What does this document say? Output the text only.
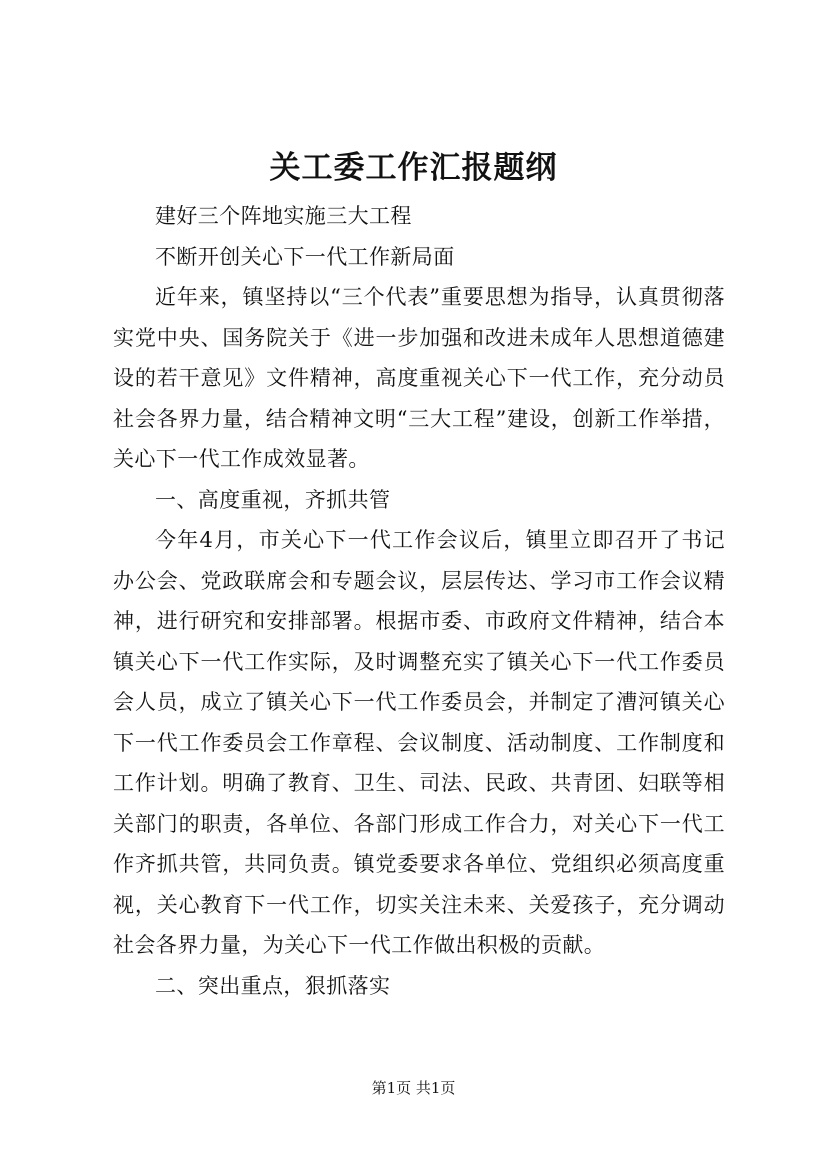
关工委工作汇报题纲

建好三个阵地实施三大工程

不断开创关心下一代工作新局面

近年来，镇坚持以“三个代表”重要思想为指导，认真贯彻落实党中央、国务院关于《进一步加强和改进未成年人思想道德建设的若干意见》文件精神，高度重视关心下一代工作，充分动员社会各界力量，结合精神文明“三大工程”建设，创新工作举措，关心下一代工作成效显著。

一、高度重视，齐抓共管

今年4月，市关心下一代工作会议后，镇里立即召开了书记办公会、党政联席会和专题会议，层层传达、学习市工作会议精神，进行研究和安排部署。根据市委、市政府文件精神，结合本镇关心下一代工作实际，及时调整充实了镇关心下一代工作委员会人员，成立了镇关心下一代工作委员会，并制定了漕河镇关心下一代工作委员会工作章程、会议制度、活动制度、工作制度和工作计划。明确了教育、卫生、司法、民政、共青团、妇联等相关部门的职责，各单位、各部门形成工作合力，对关心下一代工作齐抓共管，共同负责。镇党委要求各单位、党组织必须高度重视，关心教育下一代工作，切实关注未来、关爱孩子，充分调动社会各界力量，为关心下一代工作做出积极的贡献。

二、突出重点，狠抓落实

第1页 共1页
